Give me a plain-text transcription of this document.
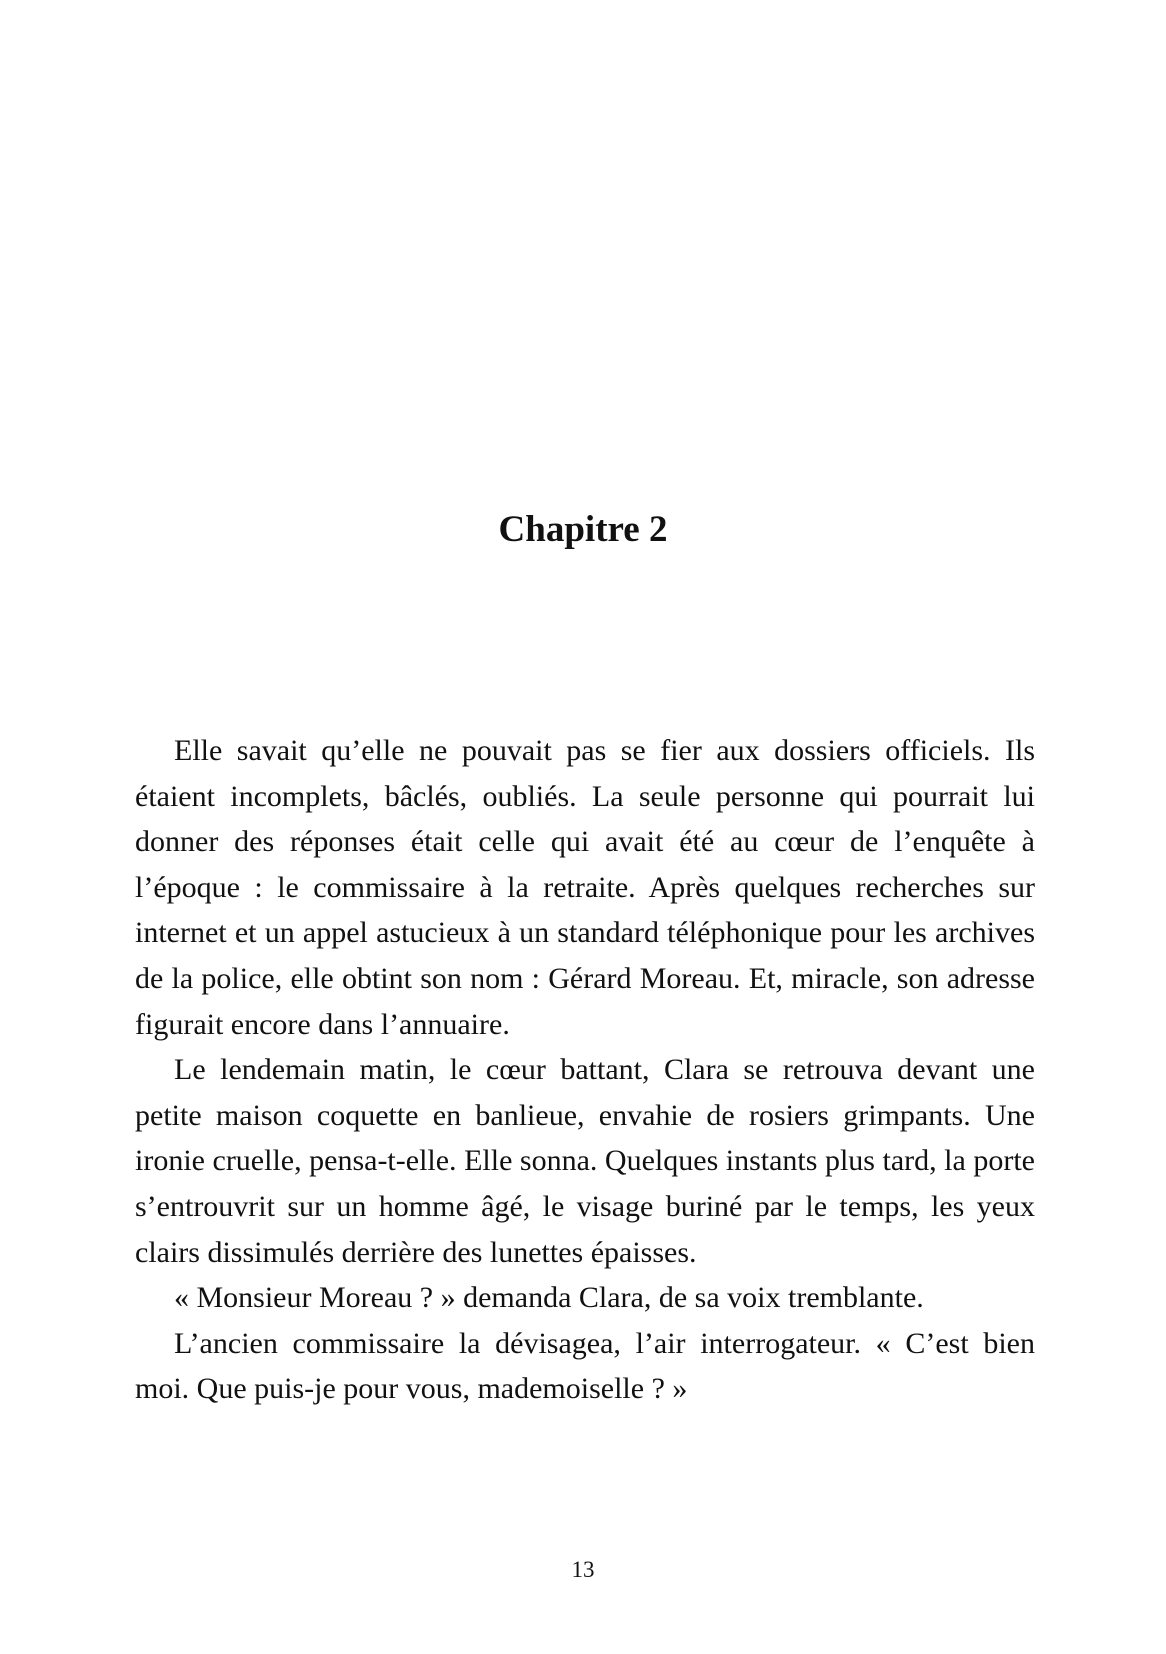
Chapitre 2

Elle savait qu’elle ne pouvait pas se fier aux dossiers officiels. Ils étaient incomplets, bâclés, oubliés. La seule personne qui pourrait lui donner des réponses était celle qui avait été au cœur de l’enquête à l’époque : le commissaire à la retraite. Après quelques recherches sur internet et un appel astucieux à un standard téléphonique pour les archives de la police, elle obtint son nom : Gérard Moreau. Et, miracle, son adresse figurait encore dans l’annuaire.

Le lendemain matin, le cœur battant, Clara se retrouva devant une petite maison coquette en banlieue, envahie de rosiers grimpants. Une ironie cruelle, pensa-t-elle. Elle sonna. Quelques instants plus tard, la porte s’entrouvrit sur un homme âgé, le visage buriné par le temps, les yeux clairs dissimulés derrière des lunettes épaisses.

« Monsieur Moreau ? » demanda Clara, de sa voix tremblante.

L’ancien commissaire la dévisagea, l’air interrogateur. « C’est bien moi. Que puis-je pour vous, mademoiselle ? »

13
